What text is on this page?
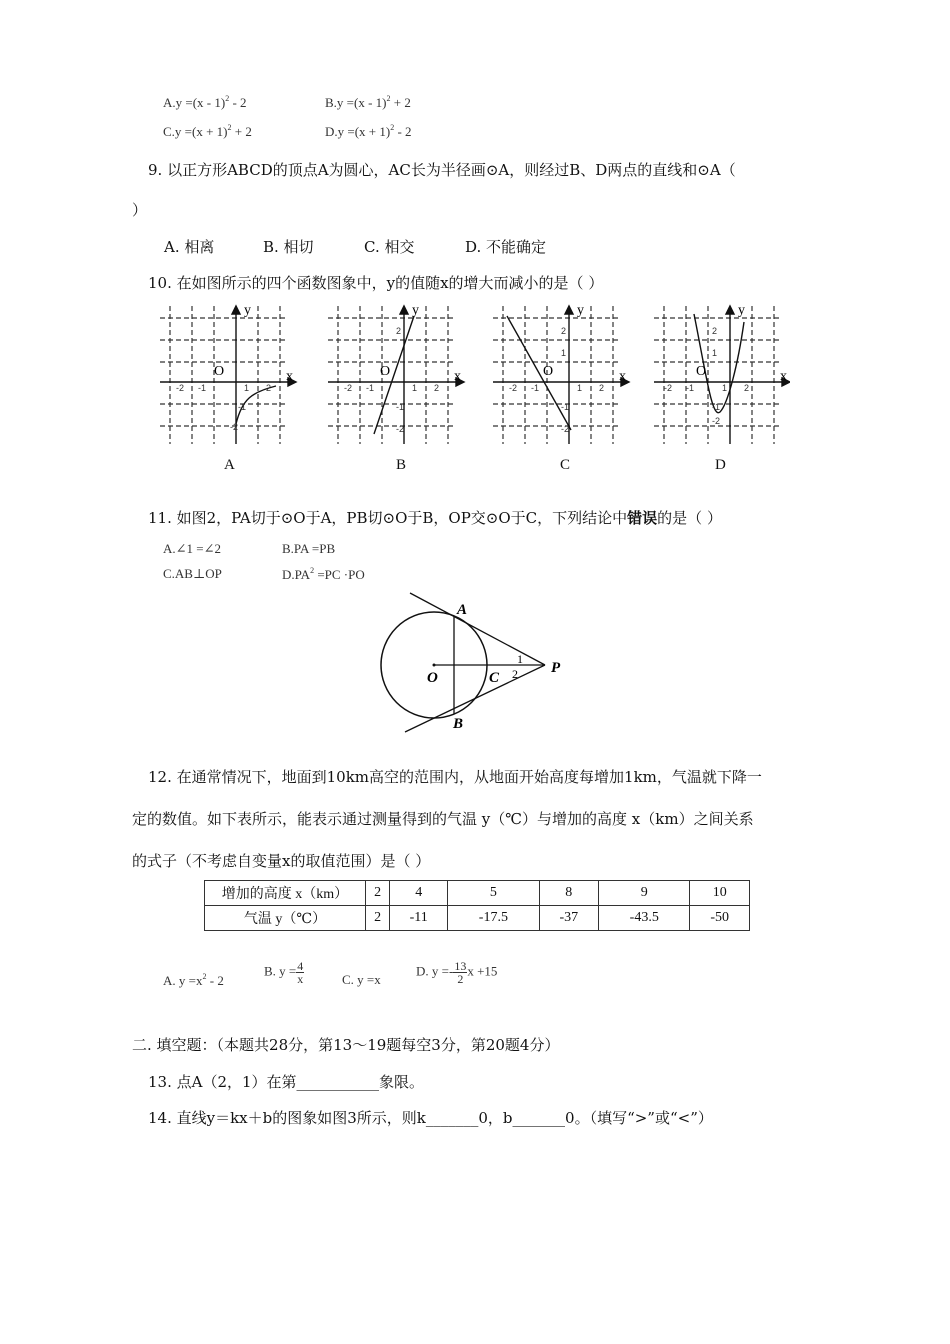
A.y =(x - 1)$^2$ - 2	B.y =(x - 1)$^2$ + 2
$C.y =(x + 1)^2 + 2$	$D.y =(x + 1)^2 - 2$
9. 以正方形ABCD的顶点A为圆心，AC长为半径画⊙A，则经过B、D两点的直线和⊙A（
）
A. 相离	B. 相切	C. 相交	D. 不能确定
10. 在如图所示的四个函数图象中，y的值随x的增大而减小的是（ ）
y
x
O
y
x
O
y
x
O
y
x
O
-2 -1	1 2
-1
-2
-2 -1	1 2
2
-1
-2
-2 -1	1 2
2
1
-1
-2
-2 -1	1 2
2
1
-1
-2
A	B	C	D
11. 如图2，PA切于⊙O于A，PB切⊙O于B，OP交⊙O于C，下列结论中错误的是（ ）
A.∠1 =∠2	B.PA =PB
C.AB⊥OP	$D.PA^2 =PC \cdot PO$
A
B
C
O
P
1
2
12. 在通常情况下，地面到10km高空的范围内，从地面开始高度每增加1km，气温就下降一
定的数值。如下表所示，能表示通过测量得到的气温 y（℃）与增加的高度 x（km）之间关系
的式子（不考虑自变量x的取值范围）是（ ）
增加的高度 x（km）	2	4	5	8	9	10
气温 y（℃）	2	-11	-17.5	-37	-43.5	-50
A. $y =x^2 - 2$
B. $y = \frac{4}{x}$	C. y =x
D. $y =- \frac{13}{2}$ x +15
二. 填空题：（本题共28分，第13～19题每空3分，第20题4分）
13. 点A（2，1）在第___________象限。
14. 直线y＝kx＋b的图象如图3所示，则k_______0，b_______0。（填写“>”或“<”）
